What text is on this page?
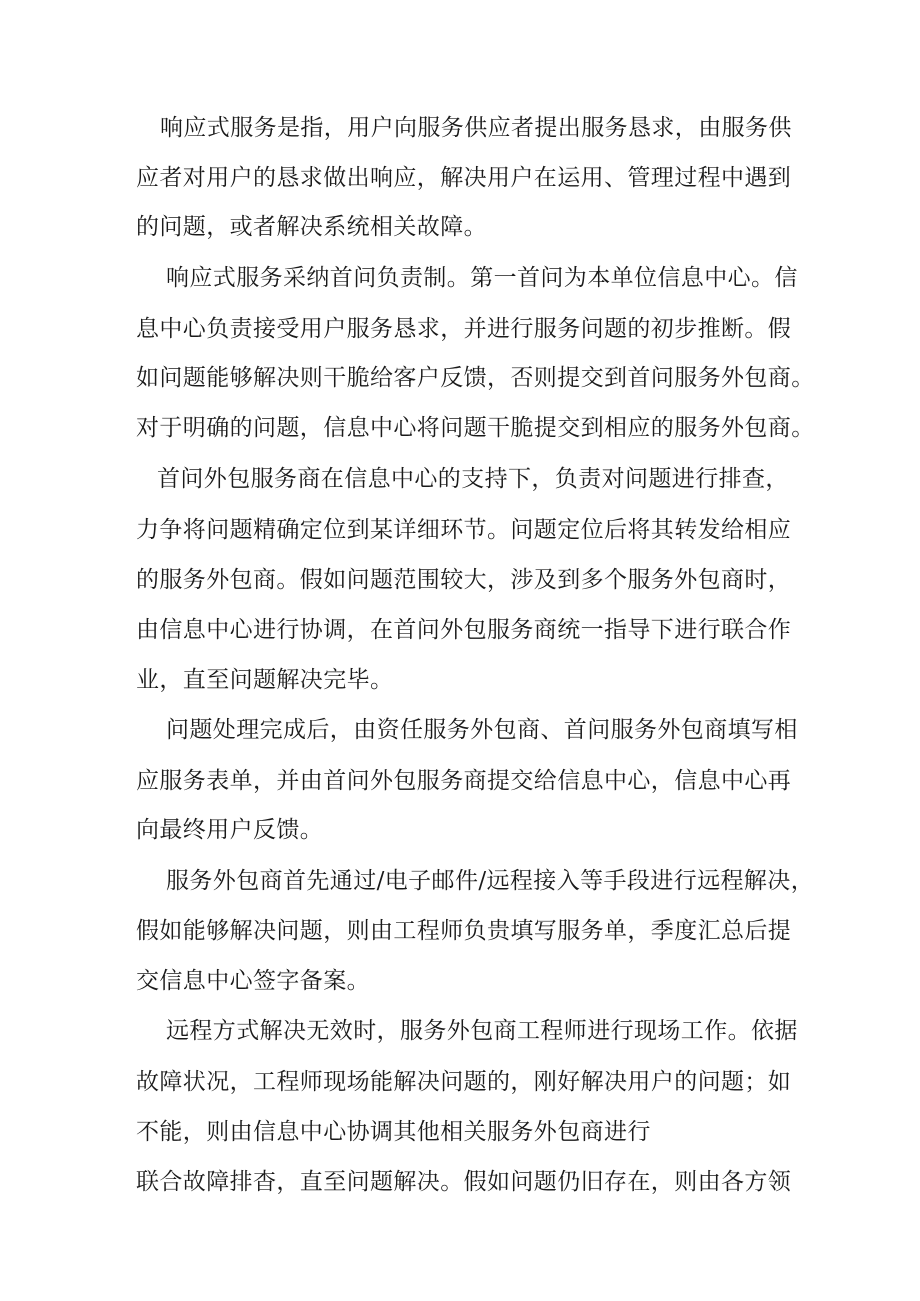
响应式服务是指，用户向服务供应者提出服务恳求，由服务供
应者对用户的恳求做出响应，解决用户在运用、管理过程中遇到
的问题，或者解决系统相关故障。
响应式服务采纳首问负责制。第一首问为本单位信息中心。信
息中心负责接受用户服务恳求，并进行服务问题的初步推断。假
如问题能够解决则干脆给客户反馈，否则提交到首问服务外包商。
对于明确的问题，信息中心将问题干脆提交到相应的服务外包商。
首问外包服务商在信息中心的支持下，负责对问题进行排查，
力争将问题精确定位到某详细环节。问题定位后将其转发给相应
的服务外包商。假如问题范围较大，涉及到多个服务外包商时，
由信息中心进行协调，在首问外包服务商统一指导下进行联合作
业，直至问题解决完毕。
问题处理完成后，由资任服务外包商、首问服务外包商填写相
应服务表单，并由首问外包服务商提交给信息中心，信息中心再
向最终用户反馈。
服务外包商首先通过/电子邮件/远程接入等手段进行远程解决，
假如能够解决问题，则由工程师负贵填写服务单，季度汇总后提
交信息中心签字备案。
远程方式解决无效时，服务外包商工程师进行现场工作。依据
故障状况，工程师现场能解决问题的，刚好解决用户的问题；如
不能，则由信息中心协调其他相关服务外包商进行
联合故障排杳，直至问题解决。假如问题仍旧存在，则由各方领
